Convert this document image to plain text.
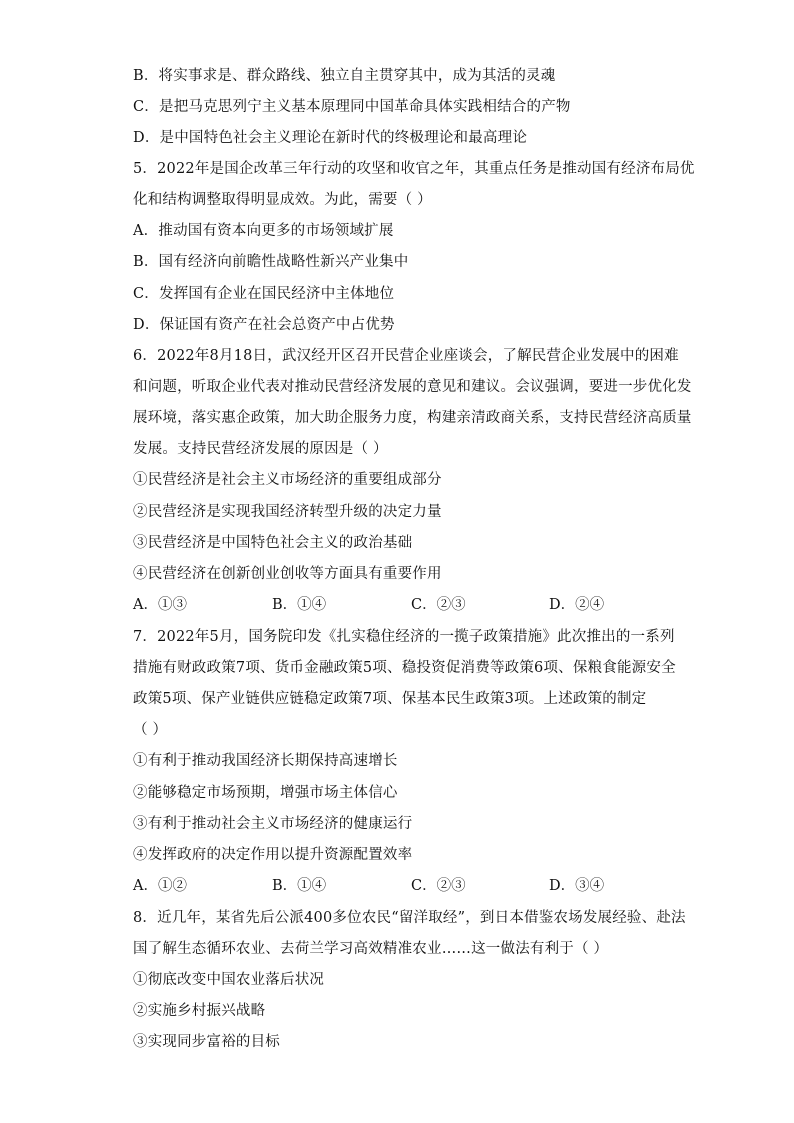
B．将实事求是、群众路线、独立自主贯穿其中，成为其活的灵魂
C．是把马克思列宁主义基本原理同中国革命具体实践相结合的产物
D．是中国特色社会主义理论在新时代的终极理论和最高理论
5．2022年是国企改革三年行动的攻坚和收官之年，其重点任务是推动国有经济布局优
化和结构调整取得明显成效。为此，需要（ ）
A．推动国有资本向更多的市场领域扩展
B．国有经济向前瞻性战略性新兴产业集中
C．发挥国有企业在国民经济中主体地位
D．保证国有资产在社会总资产中占优势
6．2022年8月18日，武汉经开区召开民营企业座谈会，了解民营企业发展中的困难
和问题，听取企业代表对推动民营经济发展的意见和建议。会议强调，要进一步优化发
展环境，落实惠企政策，加大助企服务力度，构建亲清政商关系，支持民营经济高质量
发展。支持民营经济发展的原因是（ ）
①民营经济是社会主义市场经济的重要组成部分
②民营经济是实现我国经济转型升级的决定力量
③民营经济是中国特色社会主义的政治基础
④民营经济在创新创业创收等方面具有重要作用
A．①③	B．①④	C．②③	D．②④
7．2022年5月，国务院印发《扎实稳住经济的一揽子政策措施》此次推出的一系列
措施有财政政策7项、货币金融政策5项、稳投资促消费等政策6项、保粮食能源安全
政策5项、保产业链供应链稳定政策7项、保基本民生政策3项。上述政策的制定
（ ）
①有利于推动我国经济长期保持高速增长
②能够稳定市场预期，增强市场主体信心
③有利于推动社会主义市场经济的健康运行
④发挥政府的决定作用以提升资源配置效率
A．①②	B．①④	C．②③	D．③④
8．近几年，某省先后公派400多位农民“留洋取经”，到日本借鉴农场发展经验、赴法
国了解生态循环农业、去荷兰学习高效精准农业……这一做法有利于（ ）
①彻底改变中国农业落后状况
②实施乡村振兴战略
③实现同步富裕的目标
